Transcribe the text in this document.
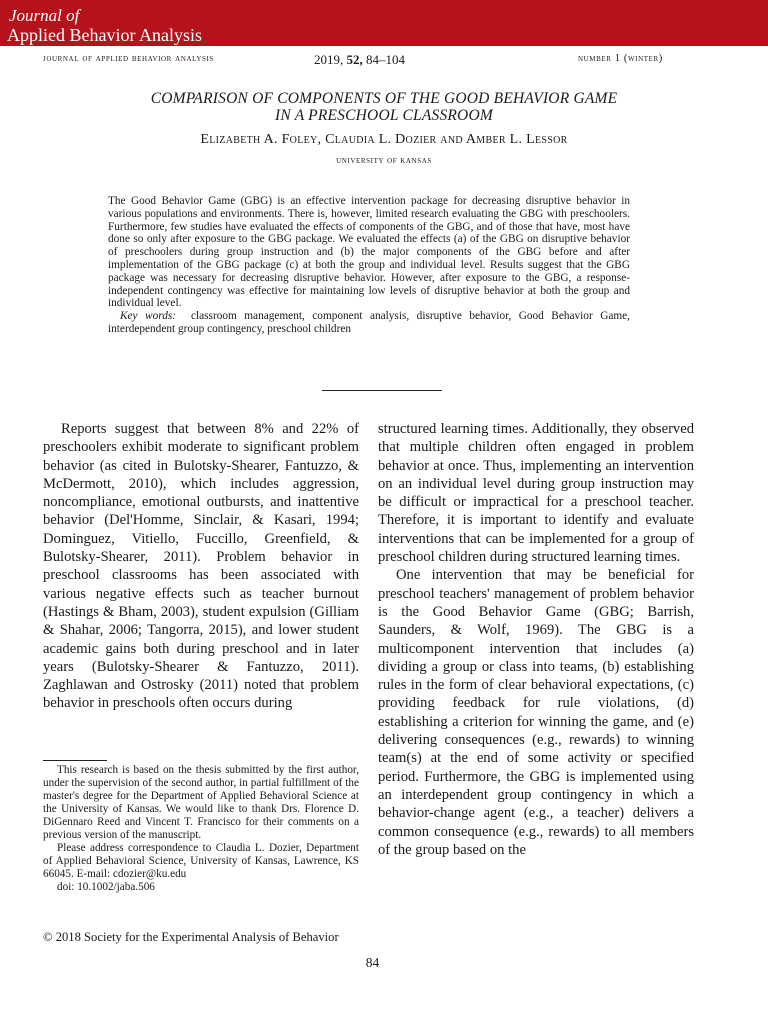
Journal of
Applied Behavior Analysis
journal of applied behavior analysis	2019, 52, 84–104	number 1 (winter)
COMPARISON OF COMPONENTS OF THE GOOD BEHAVIOR GAME
IN A PRESCHOOL CLASSROOM
Elizabeth A. Foley, Claudia L. Dozier and Amber L. Lessor
university of kansas

The Good Behavior Game (GBG) is an effective intervention package for decreasing disruptive behavior in various populations and environments. There is, however, limited research evaluating the GBG with preschoolers. Furthermore, few studies have evaluated the effects of components of the GBG, and of those that have, most have done so only after exposure to the GBG package. We evaluated the effects (a) of the GBG on disruptive behavior of preschoolers during group instruction and (b) the major components of the GBG before and after implementation of the GBG package (c) at both the group and individual level. Results suggest that the GBG package was necessary for decreasing disruptive behavior. However, after exposure to the GBG, a response-independent contingency was effective for maintaining low levels of disruptive behavior at both the group and individual level.

Key words: classroom management, component analysis, disruptive behavior, Good Behavior Game, interdependent group contingency, preschool children

Reports suggest that between 8% and 22% of preschoolers exhibit moderate to significant problem behavior (as cited in Bulotsky-Shearer, Fantuzzo, & McDermott, 2010), which includes aggression, noncompliance, emotional outbursts, and inattentive behavior (Del'Homme, Sinclair, & Kasari, 1994; Dominguez, Vitiello, Fuccillo, Greenfield, & Bulotsky-Shearer, 2011). Problem behavior in preschool classrooms has been associated with various negative effects such as teacher burnout (Hastings & Bham, 2003), student expulsion (Gilliam & Shahar, 2006; Tangorra, 2015), and lower student academic gains both during preschool and in later years (Bulotsky-Shearer & Fantuzzo, 2011). Zaghlawan and Ostrosky (2011) noted that problem behavior in preschools often occurs during

structured learning times. Additionally, they observed that multiple children often engaged in problem behavior at once. Thus, implementing an intervention on an individual level during group instruction may be difficult or impractical for a preschool teacher. Therefore, it is important to identify and evaluate interventions that can be implemented for a group of preschool children during structured learning times.

One intervention that may be beneficial for preschool teachers' management of problem behavior is the Good Behavior Game (GBG; Barrish, Saunders, & Wolf, 1969). The GBG is a multicomponent intervention that includes (a) dividing a group or class into teams, (b) establishing rules in the form of clear behavioral expectations, (c) providing feedback for rule violations, (d) establishing a criterion for winning the game, and (e) delivering consequences (e.g., rewards) to winning team(s) at the end of some activity or specified period. Furthermore, the GBG is implemented using an interdependent group contingency in which a behavior-change agent (e.g., a teacher) delivers a common consequence (e.g., rewards) to all members of the group based on the

This research is based on the thesis submitted by the first author, under the supervision of the second author, in partial fulfillment of the master's degree for the Department of Applied Behavioral Science at the University of Kansas. We would like to thank Drs. Florence D. DiGennaro Reed and Vincent T. Francisco for their comments on a previous version of the manuscript.

Please address correspondence to Claudia L. Dozier, Department of Applied Behavioral Science, University of Kansas, Lawrence, KS 66045. E-mail: cdozier@ku.edu

doi: 10.1002/jaba.506

© 2018 Society for the Experimental Analysis of Behavior
84
